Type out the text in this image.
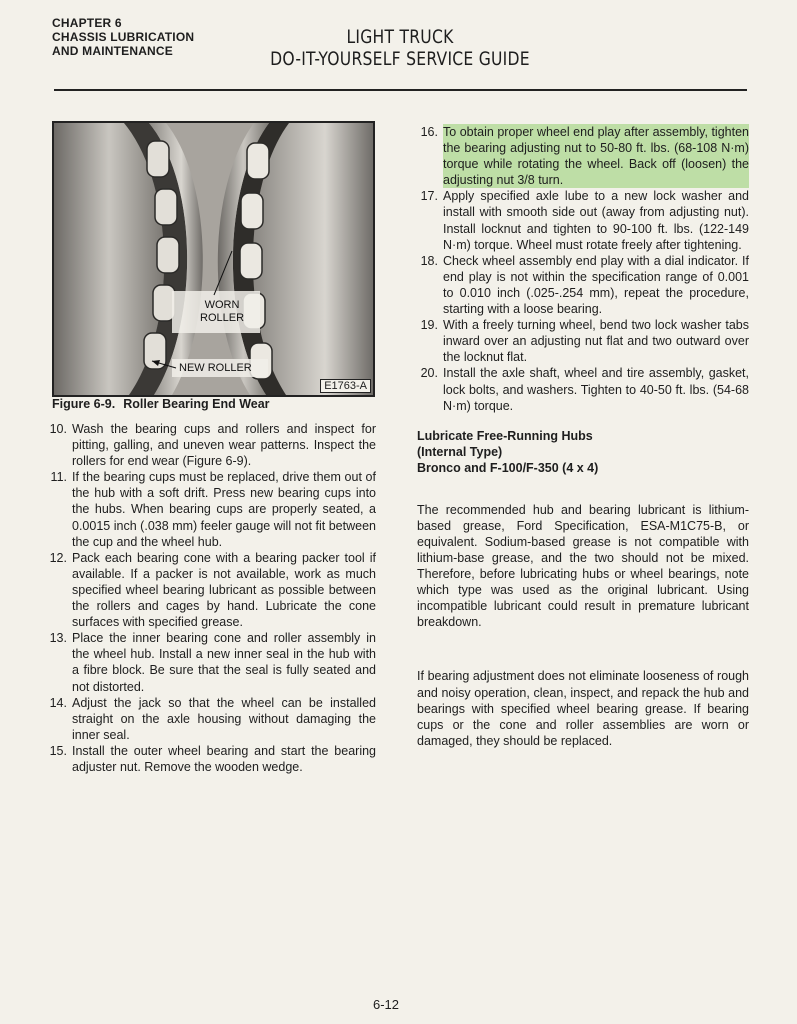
CHAPTER 6
CHASSIS LUBRICATION
AND MAINTENANCE
LIGHT TRUCK
DO-IT-YOURSELF SERVICE GUIDE
WORN
ROLLER
NEW ROLLER
E1763-A
Figure 6-9. Roller Bearing End Wear
10. Wash the bearing cups and rollers and inspect for pitting, galling, and uneven wear patterns. Inspect the rollers for end wear (Figure 6-9).
11. If the bearing cups must be replaced, drive them out of the hub with a soft drift. Press new bearing cups into the hubs. When bearing cups are properly seated, a 0.0015 inch (.038 mm) feeler gauge will not fit between the cup and the wheel hub.
12. Pack each bearing cone with a bearing packer tool if available. If a packer is not available, work as much specified wheel bearing lubricant as possible between the rollers and cages by hand. Lubricate the cone surfaces with specified grease.
13. Place the inner bearing cone and roller assembly in the wheel hub. Install a new inner seal in the hub with a fibre block. Be sure that the seal is fully seated and not distorted.
14. Adjust the jack so that the wheel can be installed straight on the axle housing without damaging the inner seal.
15. Install the outer wheel bearing and start the bearing adjuster nut. Remove the wooden wedge.
16. To obtain proper wheel end play after assembly, tighten the bearing adjusting nut to 50-80 ft. lbs. (68-108 N·m) torque while rotating the wheel. Back off (loosen) the adjusting nut 3/8 turn.
17. Apply specified axle lube to a new lock washer and install with smooth side out (away from adjusting nut). Install locknut and tighten to 90-100 ft. lbs. (122-149 N·m) torque. Wheel must rotate freely after tightening.
18. Check wheel assembly end play with a dial indicator. If end play is not within the specification range of 0.001 to 0.010 inch (.025-.254 mm), repeat the procedure, starting with a loose bearing.
19. With a freely turning wheel, bend two lock washer tabs inward over an adjusting nut flat and two outward over the locknut flat.
20. Install the axle shaft, wheel and tire assembly, gasket, lock bolts, and washers. Tighten to 40-50 ft. lbs. (54-68 N·m) torque.
Lubricate Free-Running Hubs
(Internal Type)
Bronco and F-100/F-350 (4 x 4)
The recommended hub and bearing lubricant is lithium-based grease, Ford Specification, ESA-M1C75-B, or equivalent. Sodium-based grease is not compatible with lithium-base grease, and the two should not be mixed. Therefore, before lubricating hubs or wheel bearings, note which type was used as the original lubricant. Using incompatible lubricant could result in premature lubricant breakdown.
If bearing adjustment does not eliminate looseness of rough and noisy operation, clean, inspect, and repack the hub and bearings with specified wheel bearing grease. If bearing cups or the cone and roller assemblies are worn or damaged, they should be replaced.
6-12
